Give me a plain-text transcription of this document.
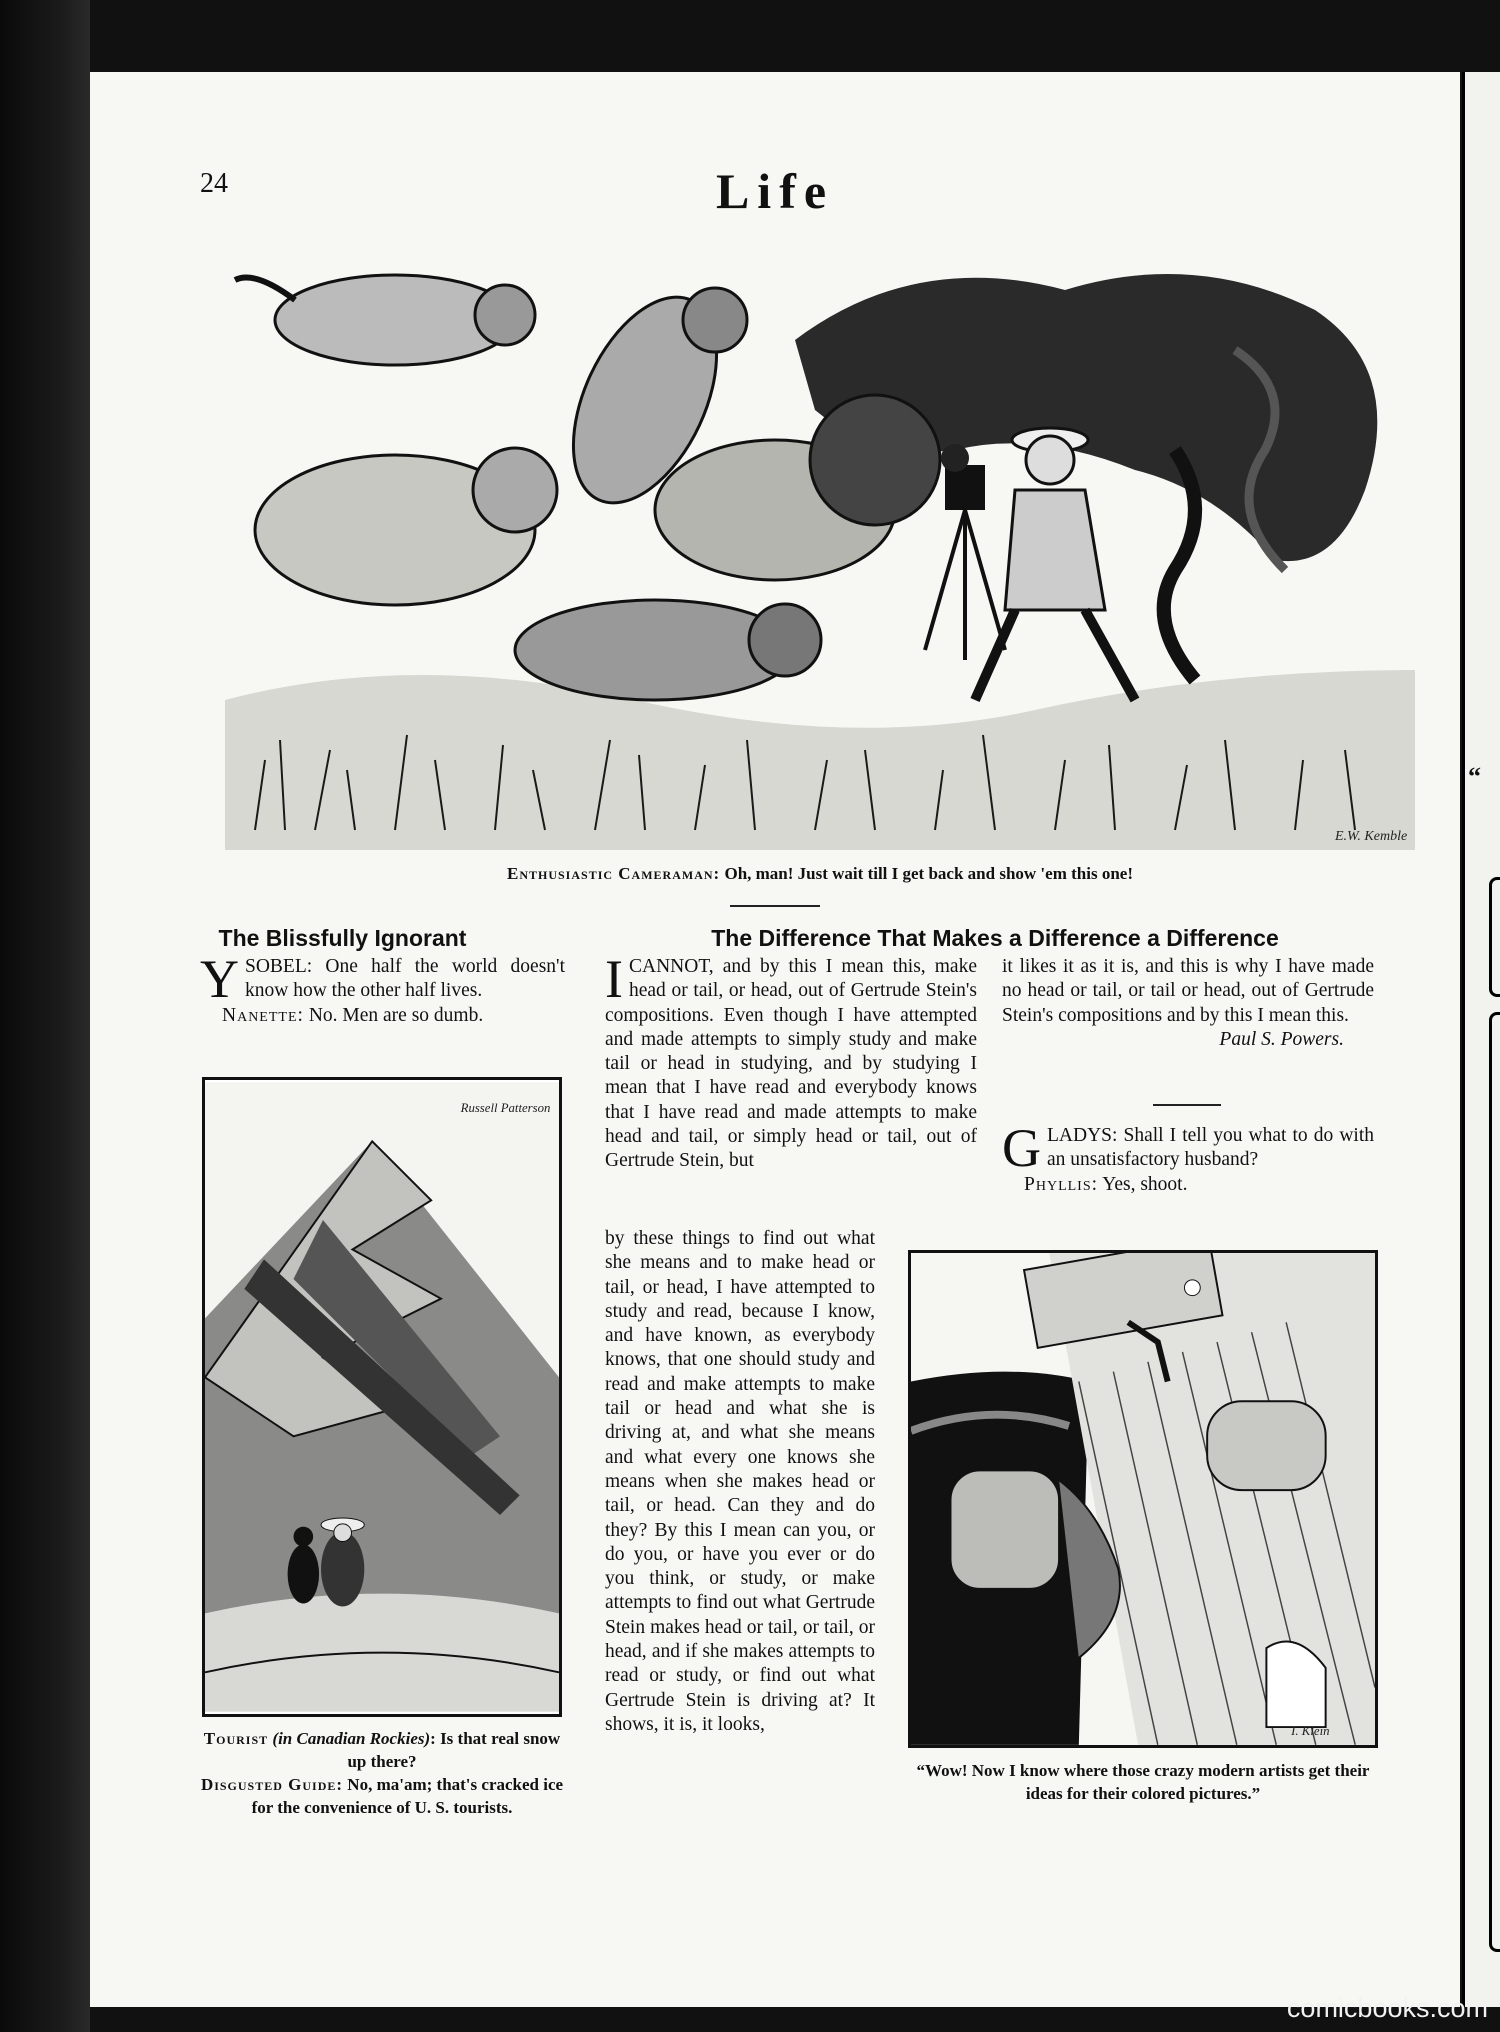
24	Life
E.W. Kemble
Enthusiastic Cameraman: Oh, man! Just wait till I get back and show 'em this one!
The Blissfully Ignorant
Y SOBEL: One half the world doesn't know how the other half lives.
Nanette: No. Men are so dumb.
Russell Patterson
Tourist (in Canadian Rockies): Is that real snow up there?
Disgusted Guide: No, ma'am; that's cracked ice for the convenience of U. S. tourists.
The Difference That Makes a Difference a Difference
I CANNOT, and by this I mean this, make head or tail, or head, out of Gertrude Stein's compositions. Even though I have attempted and made attempts to simply study and make tail or head in studying, and by studying I mean that I have read and everybody knows that I have read and made attempts to make head and tail, or simply head or tail, out of Gertrude Stein, but
by these things to find out what she means and to make head or tail, or head, I have attempted to study and read, because I know, and have known, as everybody knows, that one should study and read and make attempts to make tail or head and what she is driving at, and what she means and what every one knows she means when she makes head or tail, or head. Can they and do they? By this I mean can you, or do you, or have you ever or do you think, or study, or make attempts to find out what Gertrude Stein makes head or tail, or tail, or head, and if she makes attempts to read or study, or find out what Gertrude Stein is driving at? It shows, it is, it looks,
it likes it as it is, and this is why I have made no head or tail, or tail or head, out of Gertrude Stein's compositions and by this I mean this.
Paul S. Powers.
G LADYS: Shall I tell you what to do with an unsatisfactory husband?
Phyllis: Yes, shoot.
I. Klein
“Wow! Now I know where those crazy modern artists get their ideas for their colored pictures.”
“
comicbooks.com
